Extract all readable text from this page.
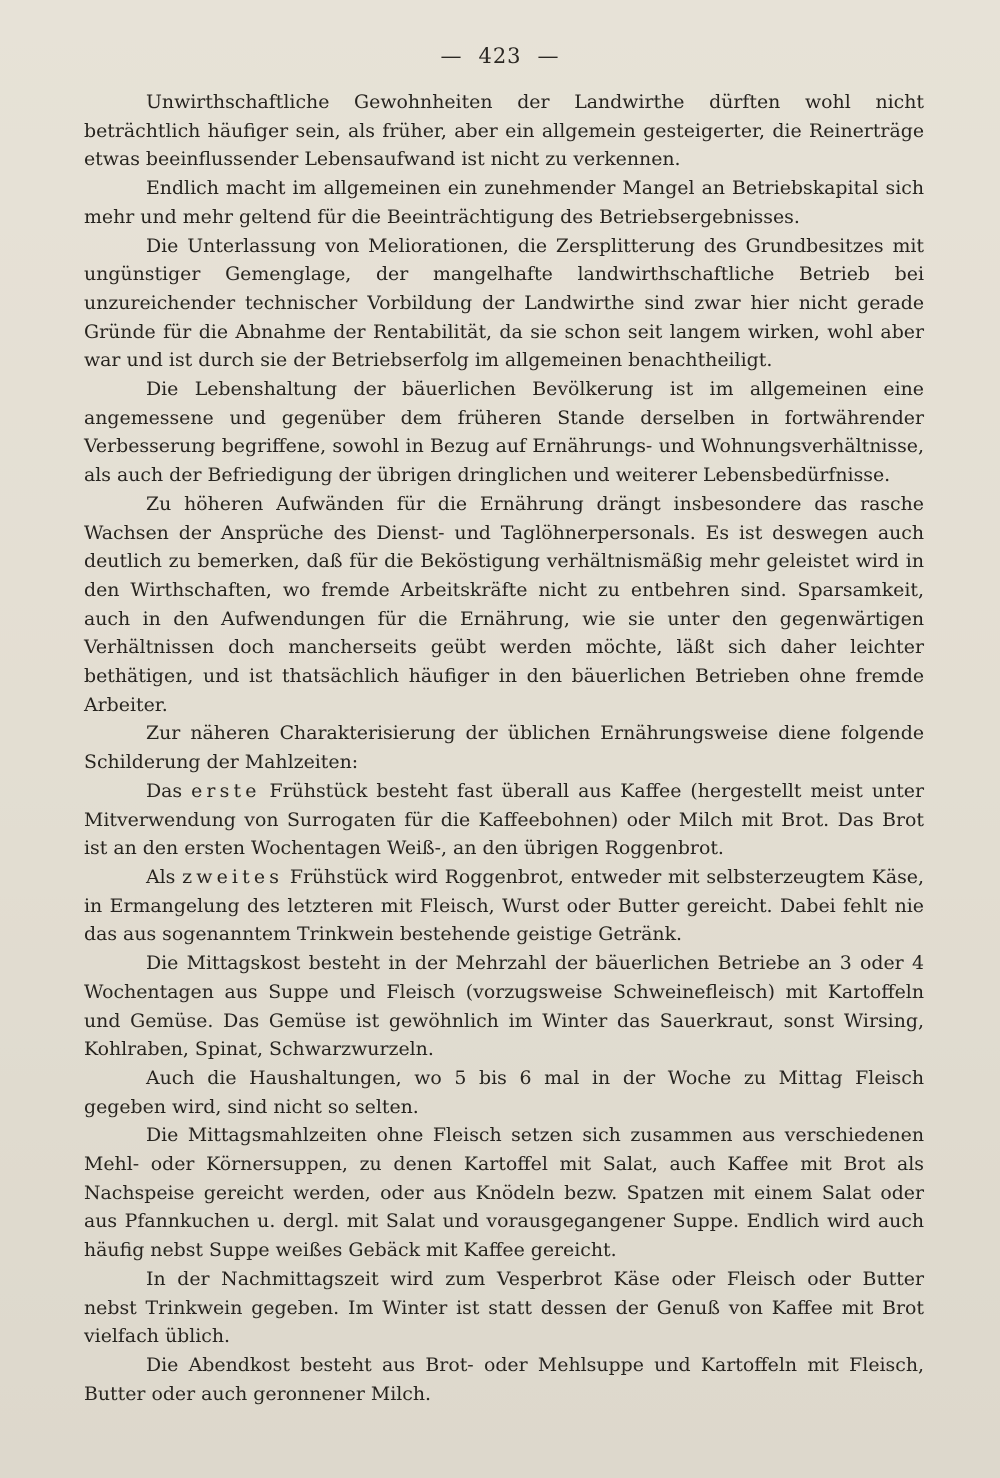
— 423 —

Unwirthschaftliche Gewohnheiten der Landwirthe dürften wohl nicht beträchtlich häufiger sein, als früher, aber ein allgemein gesteigerter, die Reinerträge etwas beeinflussender Lebensaufwand ist nicht zu verkennen.

Endlich macht im allgemeinen ein zunehmender Mangel an Betriebskapital sich mehr und mehr geltend für die Beeinträchtigung des Betriebsergebnisses.

Die Unterlassung von Meliorationen, die Zersplitterung des Grundbesitzes mit ungünstiger Gemenglage, der mangelhafte landwirthschaftliche Betrieb bei unzureichender technischer Vorbildung der Landwirthe sind zwar hier nicht gerade Gründe für die Abnahme der Rentabilität, da sie schon seit langem wirken, wohl aber war und ist durch sie der Betriebserfolg im allgemeinen benachtheiligt.

Die Lebenshaltung der bäuerlichen Bevölkerung ist im allgemeinen eine angemessene und gegenüber dem früheren Stande derselben in fortwährender Verbesserung begriffene, sowohl in Bezug auf Ernährungs- und Wohnungsverhältnisse, als auch der Befriedigung der übrigen dringlichen und weiterer Lebensbedürfnisse.

Zu höheren Aufwänden für die Ernährung drängt insbesondere das rasche Wachsen der Ansprüche des Dienst- und Taglöhnerpersonals. Es ist deswegen auch deutlich zu bemerken, daß für die Beköstigung verhältnismäßig mehr geleistet wird in den Wirthschaften, wo fremde Arbeitskräfte nicht zu entbehren sind. Sparsamkeit, auch in den Aufwendungen für die Ernährung, wie sie unter den gegenwärtigen Verhältnissen doch mancherseits geübt werden möchte, läßt sich daher leichter bethätigen, und ist thatsächlich häufiger in den bäuerlichen Betrieben ohne fremde Arbeiter.

Zur näheren Charakterisierung der üblichen Ernährungsweise diene folgende Schilderung der Mahlzeiten:

Das erste Frühstück besteht fast überall aus Kaffee (hergestellt meist unter Mitverwendung von Surrogaten für die Kaffeebohnen) oder Milch mit Brot. Das Brot ist an den ersten Wochentagen Weiß-, an den übrigen Roggenbrot.

Als zweites Frühstück wird Roggenbrot, entweder mit selbsterzeugtem Käse, in Ermangelung des letzteren mit Fleisch, Wurst oder Butter gereicht. Dabei fehlt nie das aus sogenanntem Trinkwein bestehende geistige Getränk.

Die Mittagskost besteht in der Mehrzahl der bäuerlichen Betriebe an 3 oder 4 Wochentagen aus Suppe und Fleisch (vorzugsweise Schweinefleisch) mit Kartoffeln und Gemüse. Das Gemüse ist gewöhnlich im Winter das Sauerkraut, sonst Wirsing, Kohlraben, Spinat, Schwarzwurzeln.

Auch die Haushaltungen, wo 5 bis 6 mal in der Woche zu Mittag Fleisch gegeben wird, sind nicht so selten.

Die Mittagsmahlzeiten ohne Fleisch setzen sich zusammen aus verschiedenen Mehl- oder Körnersuppen, zu denen Kartoffel mit Salat, auch Kaffee mit Brot als Nachspeise gereicht werden, oder aus Knödeln bezw. Spatzen mit einem Salat oder aus Pfannkuchen u. dergl. mit Salat und vorausgegangener Suppe. Endlich wird auch häufig nebst Suppe weißes Gebäck mit Kaffee gereicht.

In der Nachmittagszeit wird zum Vesperbrot Käse oder Fleisch oder Butter nebst Trinkwein gegeben. Im Winter ist statt dessen der Genuß von Kaffee mit Brot vielfach üblich.

Die Abendkost besteht aus Brot- oder Mehlsuppe und Kartoffeln mit Fleisch, Butter oder auch geronnener Milch.
